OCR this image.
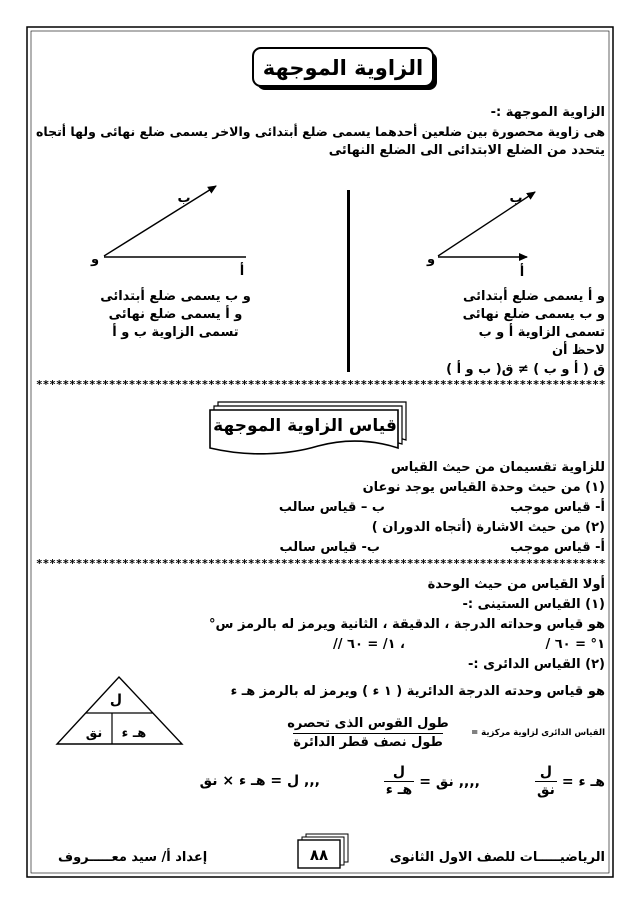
و
أ
ب
و
أ
ب
ل
هـ ء
نق
٨٨
الزاوية الموجهة
الزاوية الموجهة :-
هى زاوية محصورة بين ضلعين أحدهما يسمى ضلع أبتدائى والاخر يسمى ضلع نهائى ولها أتجاه
يتحدد من الضلع الابتدائى الى الضلع النهائى
و أ يسمى ضلع أبتدائى
و ب يسمى ضلع نهائى
تسمى الزاوية أ و ب
لاحظ أن
ق ( أ و ب ) ≠ ق( ب و أ )
و ب يسمى ضلع أبتدائى
و أ يسمى ضلع نهائى
تسمى الزاوية ب و أ
**************************************************************************************
قياس الزاوية الموجهة
للزاوية تقسيمان من حيث القياس
(١) من حيث وحدة القياس يوجد نوعان
أ- قياس موجب
ب – قياس سالب
(٢) من حيث الاشارة (أتجاه الدوران )
أ- قياس موجب
ب- قياس سالب
**************************************************************************************
أولا القياس من حيث الوحدة
(١) القياس الستينى :-
هو قياس وحداته الدرجة ، الدقيقة ، الثانية ويرمز له بالرمز س°
١° = ٦٠ /
، ١/ = ٦٠ //
(٢) القياس الدائرى :-
هو قياس وحدته الدرجة الدائرية ( ١ ء ) ويرمز له بالرمز هـ ء
القياس الدائرى لزاوية مركزية =
طول القوس الذى تحصره
طول نصف قطر الدائرة
هـ ء =
$\frac{\text{ل}}{\text{نق}}$
,,,,
نق =
$\frac{\text{ل}}{\text{هـ ء}}$
,,, ل = هـ ء × نق
الرياضيـــــات للصف الاول الثانوى
إعداد أ/ سيد معـــــروف
